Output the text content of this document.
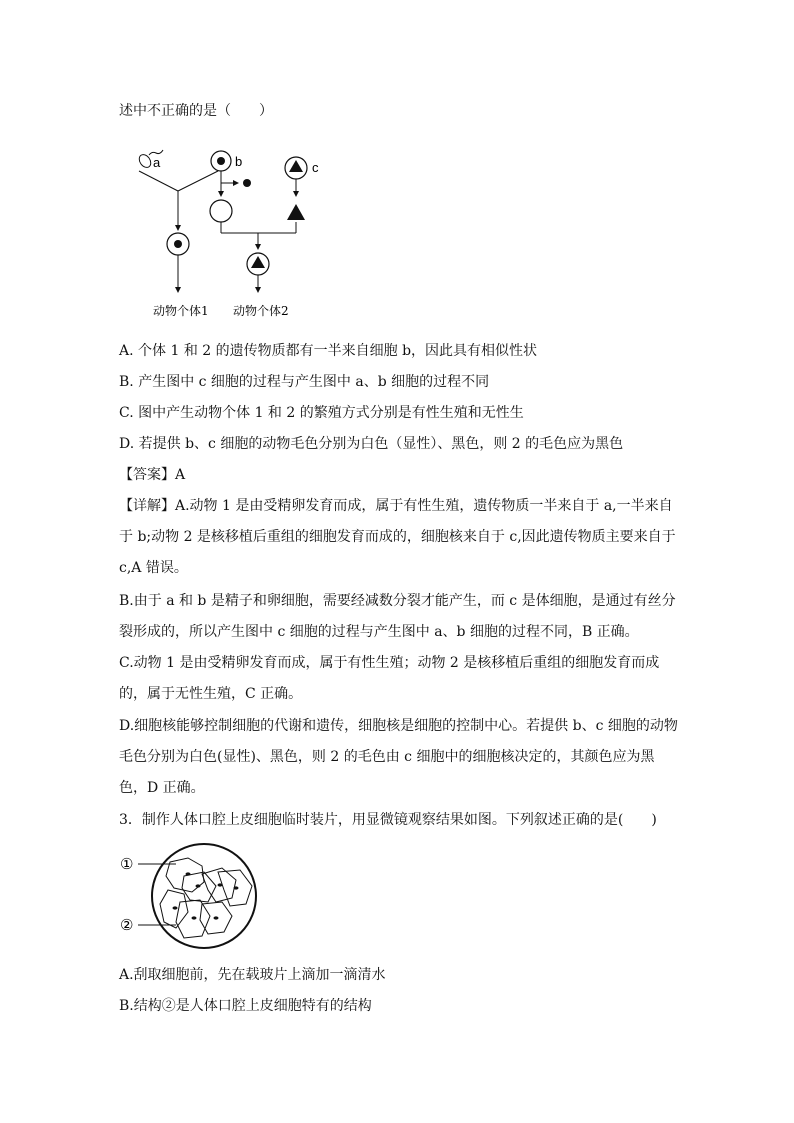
述中不正确的是（　　）
a	b	c
动物个体1 动物个体2
A. 个体 1 和 2 的遗传物质都有一半来自细胞 b，因此具有相似性状
B. 产生图中 c 细胞的过程与产生图中 a、b 细胞的过程不同
C. 图中产生动物个体 1 和 2 的繁殖方式分别是有性生殖和无性生
D. 若提供 b、c 细胞的动物毛色分别为白色（显性）、黑色，则 2 的毛色应为黑色
【答案】A
【详解】A.动物 1 是由受精卵发育而成，属于有性生殖，遗传物质一半来自于 a,一半来自
于 b;动物 2 是核移植后重组的细胞发育而成的，细胞核来自于 c,因此遗传物质主要来自于
c,A 错误。
B.由于 a 和 b 是精子和卵细胞，需要经减数分裂才能产生，而 c 是体细胞，是通过有丝分
裂形成的，所以产生图中 c 细胞的过程与产生图中 a、b 细胞的过程不同，B 正确。
C.动物 1 是由受精卵发育而成，属于有性生殖；动物 2 是核移植后重组的细胞发育而成
的，属于无性生殖，C 正确。
D.细胞核能够控制细胞的代谢和遗传，细胞核是细胞的控制中心。若提供 b、c 细胞的动物
毛色分别为白色(显性)、黑色，则 2 的毛色由 c 细胞中的细胞核决定的，其颜色应为黑
色，D 正确。
3．制作人体口腔上皮细胞临时装片，用显微镜观察结果如图。下列叙述正确的是(　　)
①
②
A.刮取细胞前，先在载玻片上滴加一滴清水
B.结构②是人体口腔上皮细胞特有的结构
